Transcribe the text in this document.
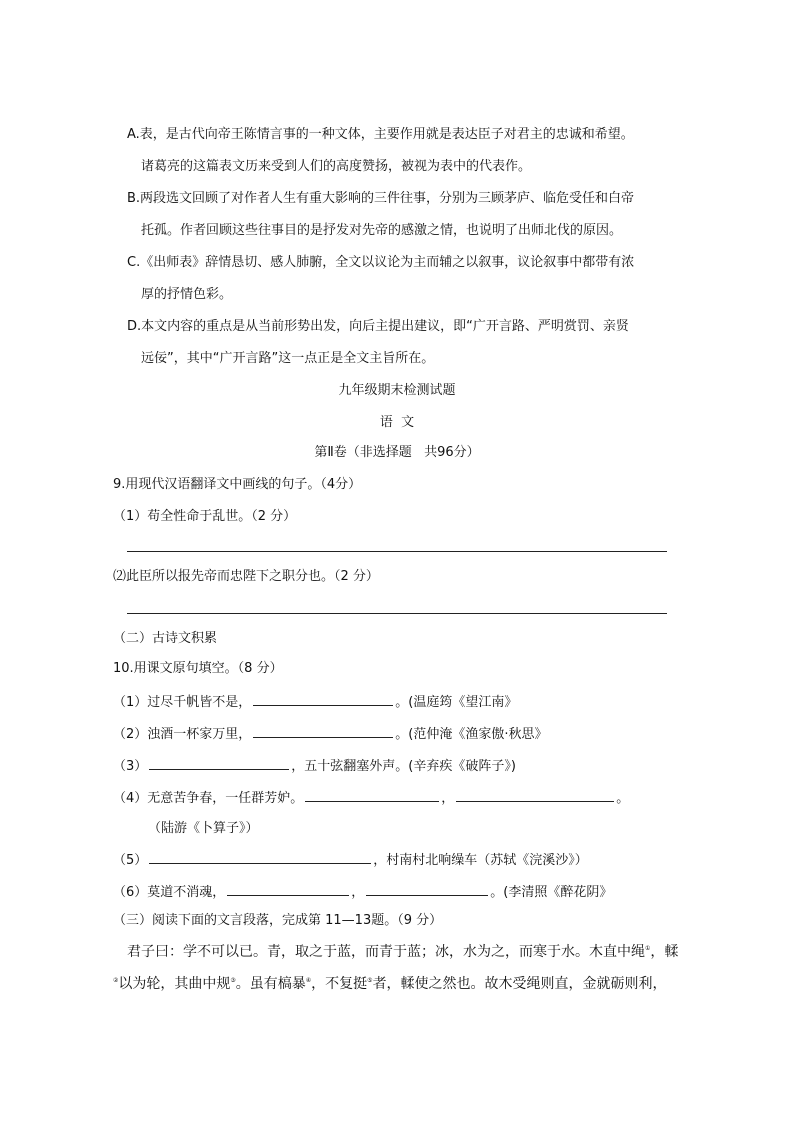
A.表，是古代向帝王陈情言事的一种文体，主要作用就是表达臣子对君主的忠诚和希望。
诸葛亮的这篇表文历来受到人们的高度赞扬，被视为表中的代表作。
B.两段选文回顾了对作者人生有重大影响的三件往事，分别为三顾茅庐、临危受任和白帝
托孤。作者回顾这些往事目的是抒发对先帝的感激之情，也说明了出师北伐的原因。
C.《出师表》辞情恳切、感人肺腑，全文以议论为主而辅之以叙事，议论叙事中都带有浓
厚的抒情色彩。
D.本文内容的重点是从当前形势出发，向后主提出建议，即“广开言路、严明赏罚、亲贤
远佞”，其中“广开言路”这一点正是全文主旨所在。
九年级期末检测试题
语  文
第Ⅱ卷（非选择题   共96分）
9.用现代汉语翻译文中画线的句子。（4分）
（1）苟全性命于乱世。（2 分）
⑵此臣所以报先帝而忠陛下之职分也。（2 分）
（二）古诗文积累
10.用课文原句填空。（8 分）
（1）过尽千帆皆不是，	。(温庭筠《望江南》
（2）浊酒一杯家万里，	。(范仲淹《渔家傲·秋思》
（3）	，五十弦翻塞外声。(辛弃疾《破阵子》)
（4）无意苦争春，一任群芳妒。	，	。
（陆游《卜算子》）
（5）	，村南村北响缲车（苏轼《浣溪沙》）
（6）莫道不消魂，	，	。(李清照《醉花阴》
（三）阅读下面的文言段落，完成第 11—13题。（9 分）
君子曰：学不可以已。青，取之于蓝，而青于蓝；冰，水为之，而寒于水。木直中绳①，輮
②以为轮，其曲中规③。虽有槁暴④，不复挺⑤者，輮使之然也。故木受绳则直，金就砺则利，
